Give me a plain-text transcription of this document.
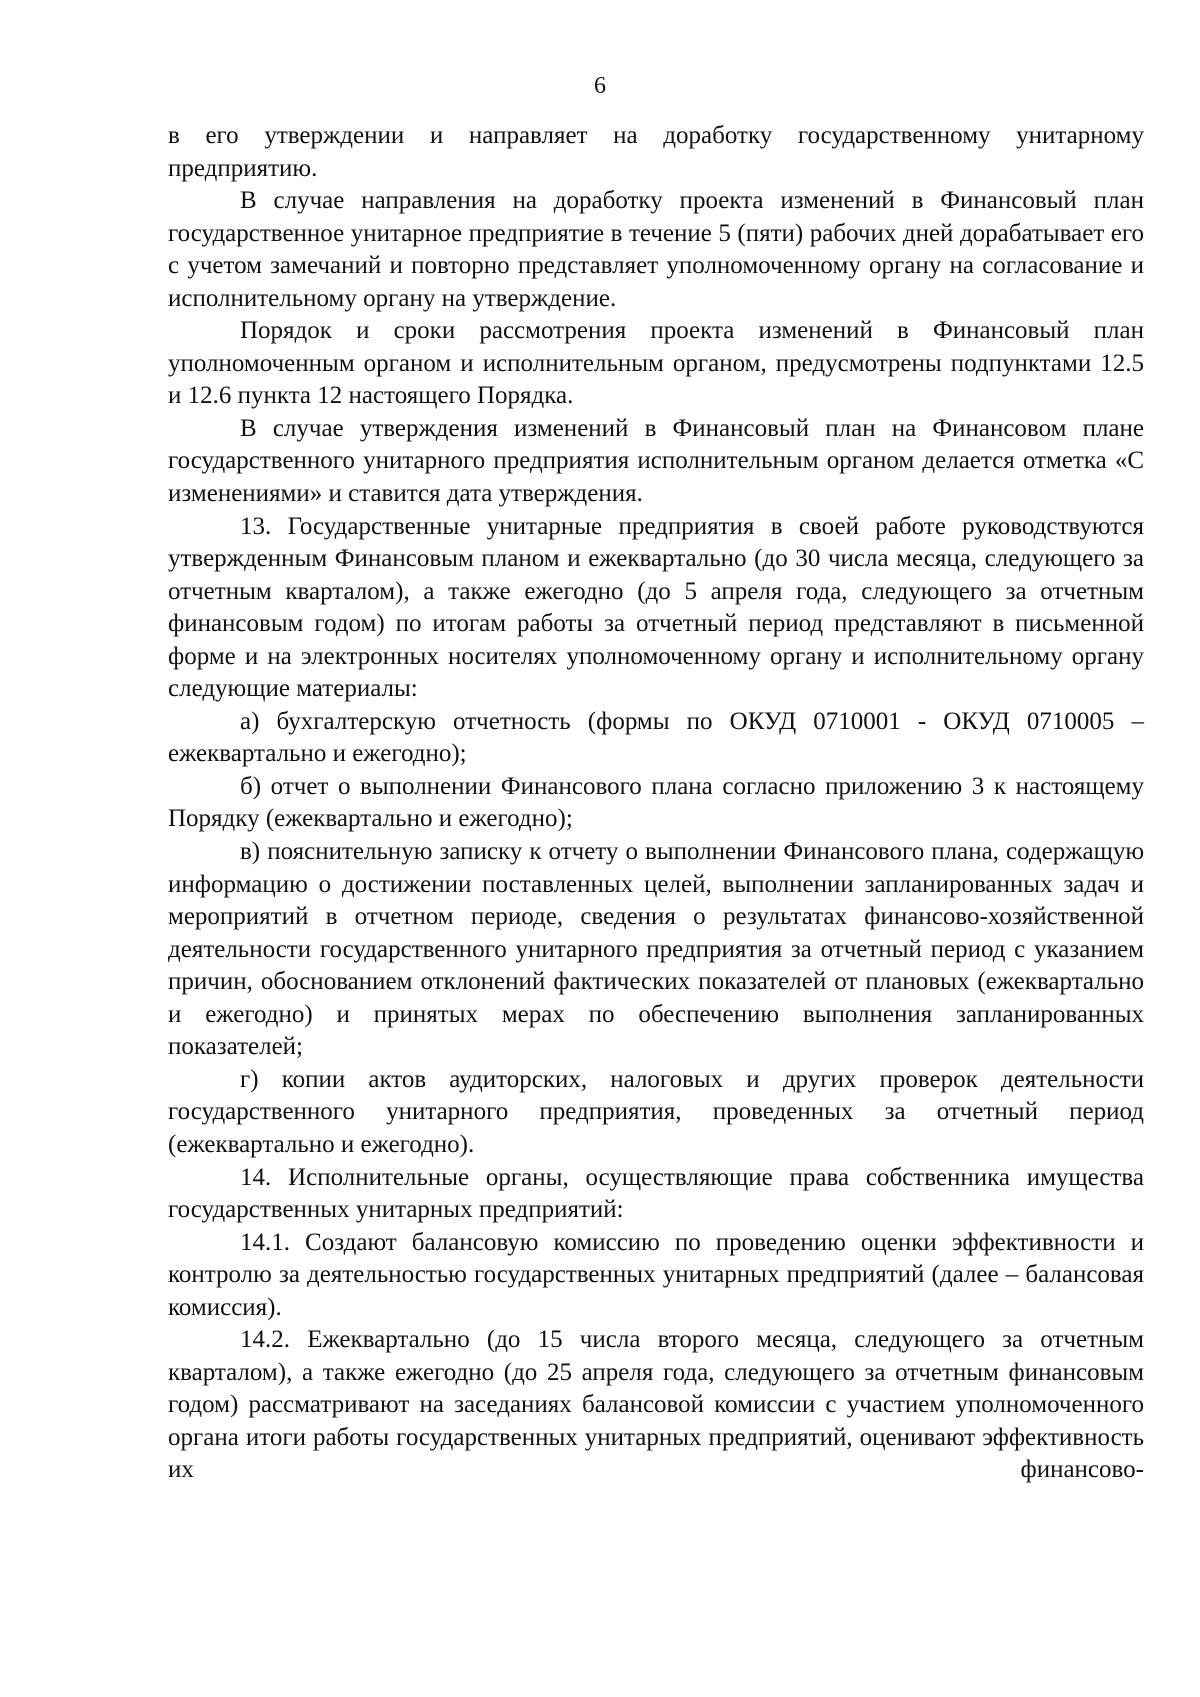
6

в его утверждении и направляет на доработку государственному унитарному предприятию.

В случае направления на доработку проекта изменений в Финансовый план государственное унитарное предприятие в течение 5 (пяти) рабочих дней дорабатывает его с учетом замечаний и повторно представляет уполномоченному органу на согласование и исполнительному органу на утверждение.

Порядок и сроки рассмотрения проекта изменений в Финансовый план уполномоченным органом и исполнительным органом, предусмотрены подпунктами 12.5 и 12.6 пункта 12 настоящего Порядка.

В случае утверждения изменений в Финансовый план на Финансовом плане государственного унитарного предприятия исполнительным органом делается отметка «С изменениями» и ставится дата утверждения.

13. Государственные унитарные предприятия в своей работе руководствуются утвержденным Финансовым планом и ежеквартально (до 30 числа месяца, следующего за отчетным кварталом), а также ежегодно (до 5 апреля года, следующего за отчетным финансовым годом) по итогам работы за отчетный период представляют в письменной форме и на электронных носителях уполномоченному органу и исполнительному органу следующие материалы:

а) бухгалтерскую отчетность (формы по ОКУД 0710001 - ОКУД 0710005 – ежеквартально и ежегодно);

б) отчет о выполнении Финансового плана согласно приложению 3 к настоящему Порядку (ежеквартально и ежегодно);

в) пояснительную записку к отчету о выполнении Финансового плана, содержащую информацию о достижении поставленных целей, выполнении запланированных задач и мероприятий в отчетном периоде, сведения о результатах финансово-хозяйственной деятельности государственного унитарного предприятия за отчетный период с указанием причин, обоснованием отклонений фактических показателей от плановых (ежеквартально и ежегодно) и принятых мерах по обеспечению выполнения запланированных показателей;

г) копии актов аудиторских, налоговых и других проверок деятельности государственного унитарного предприятия, проведенных за отчетный период (ежеквартально и ежегодно).

14. Исполнительные органы, осуществляющие права собственника имущества государственных унитарных предприятий:

14.1. Создают балансовую комиссию по проведению оценки эффективности и контролю за деятельностью государственных унитарных предприятий (далее – балансовая комиссия).

14.2. Ежеквартально (до 15 числа второго месяца, следующего за отчетным кварталом), а также ежегодно (до 25 апреля года, следующего за отчетным финансовым годом) рассматривают на заседаниях балансовой комиссии с участием уполномоченного органа итоги работы государственных унитарных предприятий, оценивают эффективность их финансово-
